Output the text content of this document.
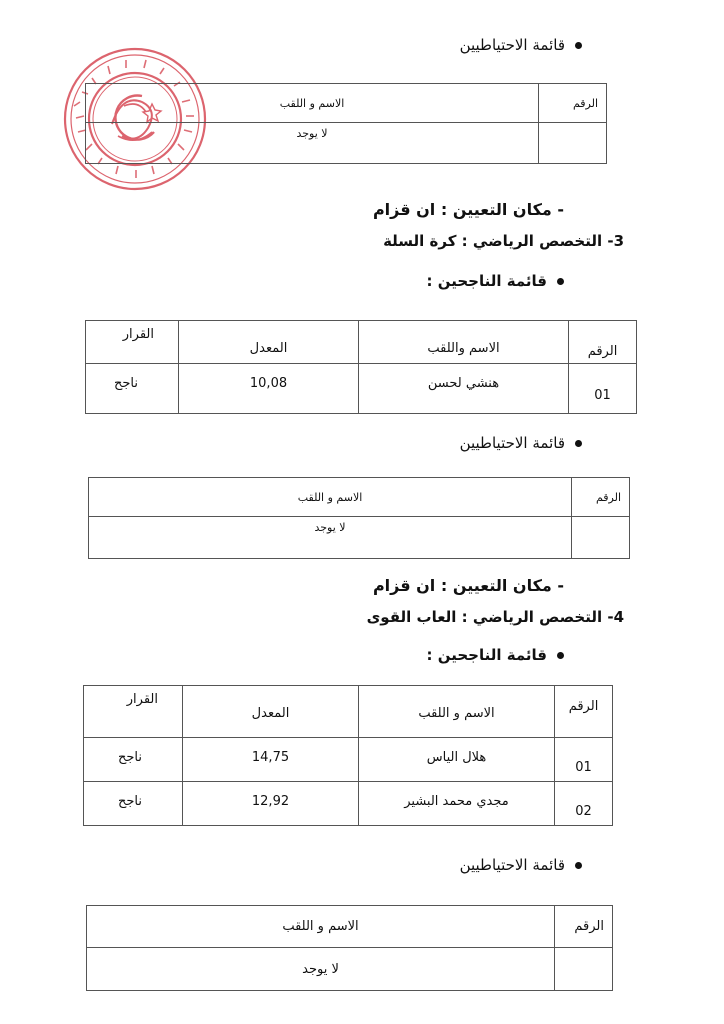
قائمة الاحتياطيين
الرقم	الاسم و اللقب
	لا يوجد
- مكان التعيين : ان قزام
3- التخصص الرياضي : كرة السلة
قائمة الناجحين :
الرقم	الاسم واللقب	المعدل	القرار
01	هنشي لحسن	10,08	ناجح
قائمة الاحتياطيين
الرقم	الاسم و اللقب
	لا يوجد
- مكان التعيين : ان قزام
4- التخصص الرياضي : العاب القوى
قائمة الناجحين :
الرقم	الاسم و اللقب	المعدل	القرار
01	هلال الياس	14,75	ناجح
02	مجدي محمد البشير	12,92	ناجح
قائمة الاحتياطيين
الرقم	الاسم و اللقب
	لا يوجد
